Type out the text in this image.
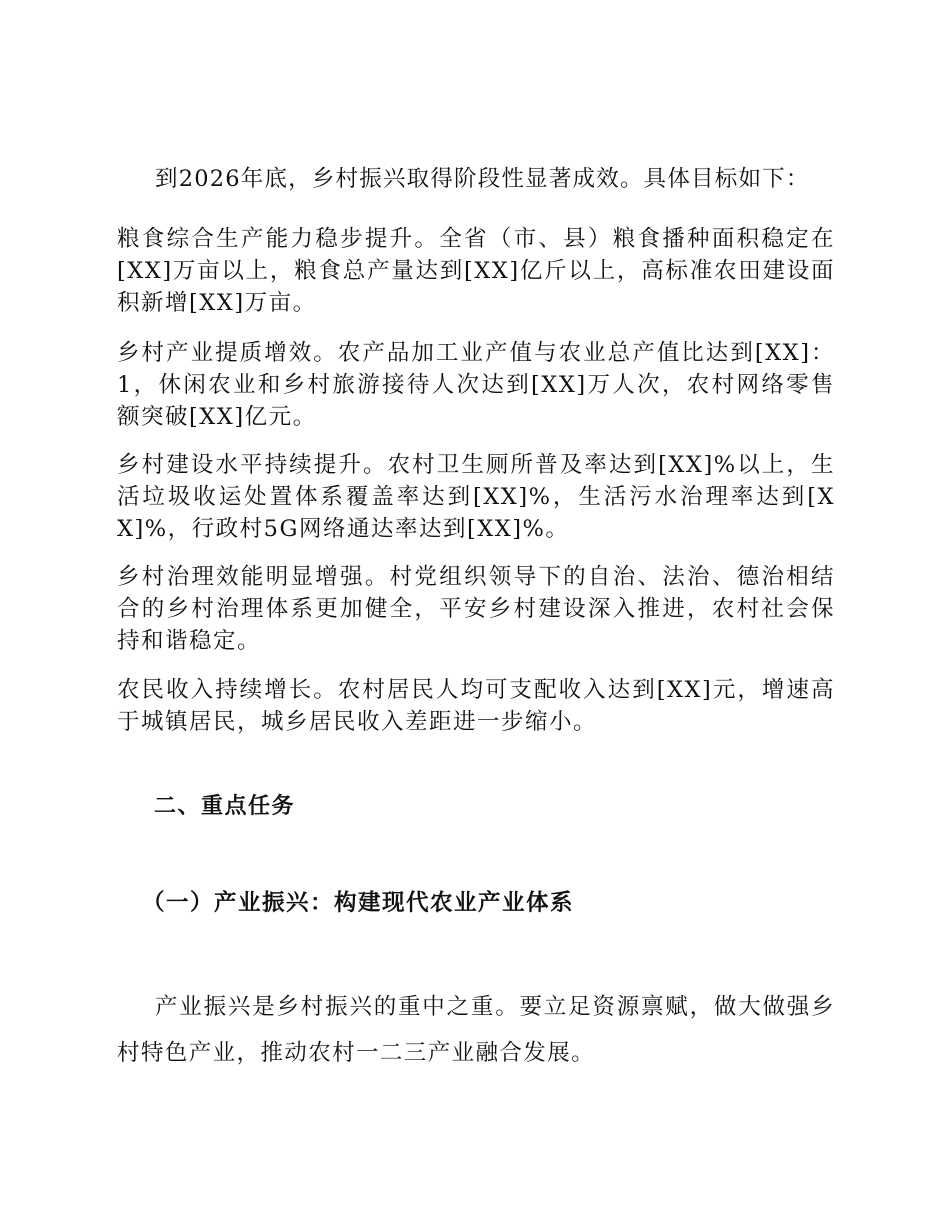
到2026年底，乡村振兴取得阶段性显著成效。具体目标如下：

粮食综合生产能力稳步提升。全省（市、县）粮食播种面积稳定在[XX]万亩以上，粮食总产量达到[XX]亿斤以上，高标准农田建设面积新增[XX]万亩。

乡村产业提质增效。农产品加工业产值与农业总产值比达到[XX]：1，休闲农业和乡村旅游接待人次达到[XX]万人次，农村网络零售额突破[XX]亿元。

乡村建设水平持续提升。农村卫生厕所普及率达到[XX]%以上，生活垃圾收运处置体系覆盖率达到[XX]%，生活污水治理率达到[XX]%，行政村5G网络通达率达到[XX]%。

乡村治理效能明显增强。村党组织领导下的自治、法治、德治相结合的乡村治理体系更加健全，平安乡村建设深入推进，农村社会保持和谐稳定。

农民收入持续增长。农村居民人均可支配收入达到[XX]元，增速高于城镇居民，城乡居民收入差距进一步缩小。

二、重点任务
（一）产业振兴：构建现代农业产业体系

产业振兴是乡村振兴的重中之重。要立足资源禀赋，做大做强乡村特色产业，推动农村一二三产业融合发展。
